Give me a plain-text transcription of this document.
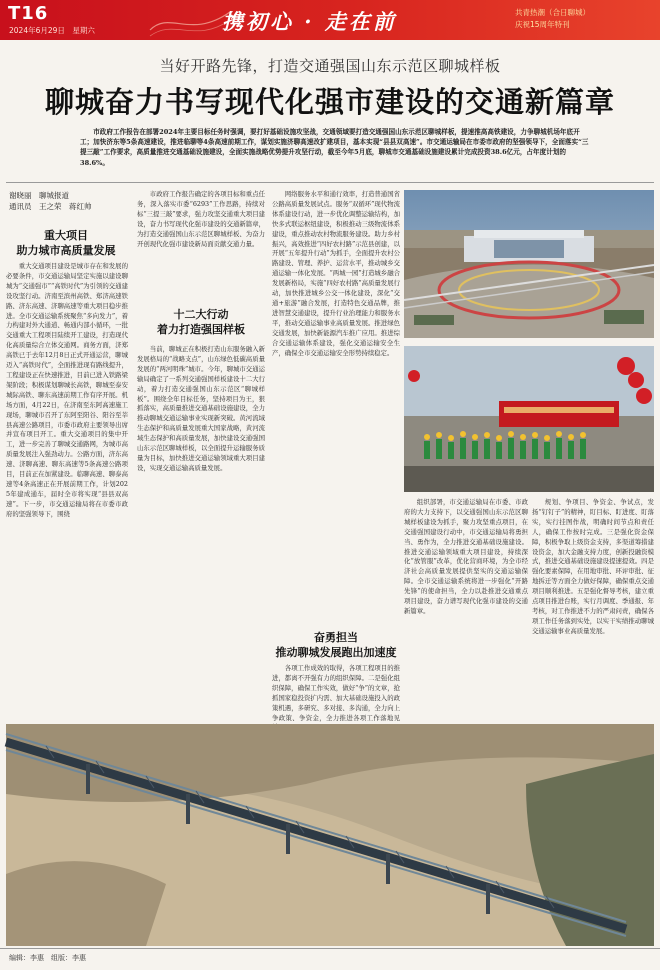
T16
2024年6月29日　星期六	携初心 · 走在前	共青热潮（合日聊城）
庆祝15周年特刊
当好开路先锋，打造交通强国山东示范区聊城样板
聊城奋力书写现代化强市建设的交通新篇章
市政府工作报告在部署2024年主要目标任务时强调，要打好基础设施攻坚战，交通领域要打造交通强国山东示范区聊城样板，提速推高高铁建设，力争聊城机场年底开工；加快济东等5条高速建设，推进临聊等4条高速前期工作，谋划实施济聊高速改扩建项目，基本实现“县县双高速”。市交通运输局在市委市政府的坚强领导下，全面落实“三提三敲”工作要求，高质量推进交通基础设施建设，全面实施战略优势提升攻坚行动，截至今年5月底，聊城市交通基础设施建设累计完成投资38.6亿元，占年度计划的38.6%。
谢晓丽　聊城报道
通讯员　王之荣　蒋红帅
重大项目
助力城市高质量发展

重大交通项目建设是城市存在和发展的必要条件，市交通运输局坚定实施以建设聊城为“交通强市”“高铁时代”为引领的交通建设攻坚行动。济南至滨州高铁、郑济高速铁路、济东高速、济聊高速等重大项目稳步推进。全市交通运输系统聚焦“多向发力”，着力构建对外大通道、畅通内部小循环，一批交通重大工程项目陆续开工建设，打造现代化高质量综合立体交通网。商务方面，济郑高铁已于去年12月8日正式开通运营，聊城迈入“高铁时代”，全面推进现有路线提升，工程建设正在快速推进，目前已进入铁路梁架阶段；积极谋划聊城长高铁，聊城至泰安城际高铁、聊东高速前期工作有序开展。机场方面，4月22日，在济南至东阿高速施工现场，聊城市召开了东阿至阳谷、阳谷至莘县高速公路项目，市委市政府主要领导出席并宣布项目开工。重大交通项目的集中开工，进一步完善了聊城交通路网，为城市高质量发展注入强劲动力。公路方面，济东高速、济聊高速、聊东高速等5条高速公路项目，目前正在加紧建设。临聊高速、聊泰高速等4条高速正在开展前期工作，计划2025年建成通车，届时全市将实现“县县双高速”。下一步，市交通运输局将在市委市政府的坚强领导下，围绕

市政府工作报告确定的各项目标和重点任务，深入落实市委“6293”工作思路，持续对标“三提三敲”要求，强力攻坚交通重大项目建设，奋力书写现代化强市建设的交通新篇章，为打造交通强国山东示范区聊城样板、为奋力开创现代化强市建设新局面贡献交通力量。

十二大行动
着力打造强国样板

当前，聊城正在积极打造山东服务融入新发展格局的“战略支点”，山东绿色低碳高质量发展的“两河明珠”城市。今年，聊城市交通运输局确定了一系列交通强国样板建设十二大行动，着力打造交通强国山东示范区“聊城样板”。围绕全年目标任务，坚持项目为王，狠抓落实，高质量推进交通基础设施建设，全力推动聊城交通运输事业实现新突破。黄河流域生态保护和高质量发展重大国家战略，黄河流域生态保护和高质量发展，加快建设交通强国山东示范区聊城样板，以全面提升运输服务质量为目标，加快推进交通运输领域重大项目建设，实现交通运输高质量发展。

网络服务水平和通行效率，打造普通国省公路高质量发展试点。服务“双循环”现代物流体系建设行动，进一步优化调整运输结构，加快多式联运枢纽建设，积极推动三级物流体系建设，重点推动农村物流服务建设。助力乡村振兴，高效推进“四好农村路”示范县创建，以开展“五年提升行动”为抓手，全面提升农村公路建设、管理、养护、运营水平，推动城乡交通运输一体化发展。“两城一园”打造城乡融合发展新格局，实施“四好农村路”高质量发展行动，加快推进城乡公交一体化建设，深化“交通+旅游”融合发展，打造特色交通品牌，推进智慧交通建设，提升行业治理能力和服务水平，推动交通运输事业高质量发展。推进绿色交通发展，加快新能源汽车推广应用。推进综合交通运输体系建设，强化交通运输安全生产，确保全市交通运输安全形势持续稳定。

组织部署，市交通运输局在市委、市政府的大力支持下，以交通强国山东示范区聊城样板建设为抓手，聚力攻坚重点项目，在交通强国建设行动中，市交通运输局将勇担当、勇作为，全力推进交通基础设施建设。推进交通运输领域重大项目建设，持续深化“放管服”改革，优化营商环境，为全市经济社会高质量发展提供坚实的交通运输保障。全市交通运输系统将进一步强化“开路先锋”的使命担当，全力以赴推进交通重点项目建设，奋力谱写现代化强市建设的交通新篇章。

奋勇担当
推动聊城发展跑出加速度

各项工作成效的取得，各项工程项目的推进，都离不开强有力的组织保障。二是强化组织保障，确保工作实效，做好“争”的文章，抢抓国家稳投资扩内需、加大基础设施投入的政策机遇，多研究、多对接、多沟通，全力向上争政策、争资金，全力推进各项工作落地见

规划、争项目、争资金、争试点，发扬“钉钉子”的精神，盯目标、盯进度、盯落实，实行挂图作战，明确时间节点和责任人，确保工作按时完成。三是强化资金保障，积极争取上级资金支持，多渠道筹措建设资金，加大金融支持力度，创新投融资模式，推进交通基础设施建设提速提效。四是强化要素保障，在用地审批、环评审批、征地拆迁等方面全力做好保障，确保重点交通项目顺利推进。五是强化督导考核，建立重点项目推进台账，实行月调度、季通报、年考核，对工作推进不力的严肃问责，确保各项工作任务落到实处，以实干实绩推动聊城交通运输事业高质量发展。

编辑：李惠　组版：李惠
